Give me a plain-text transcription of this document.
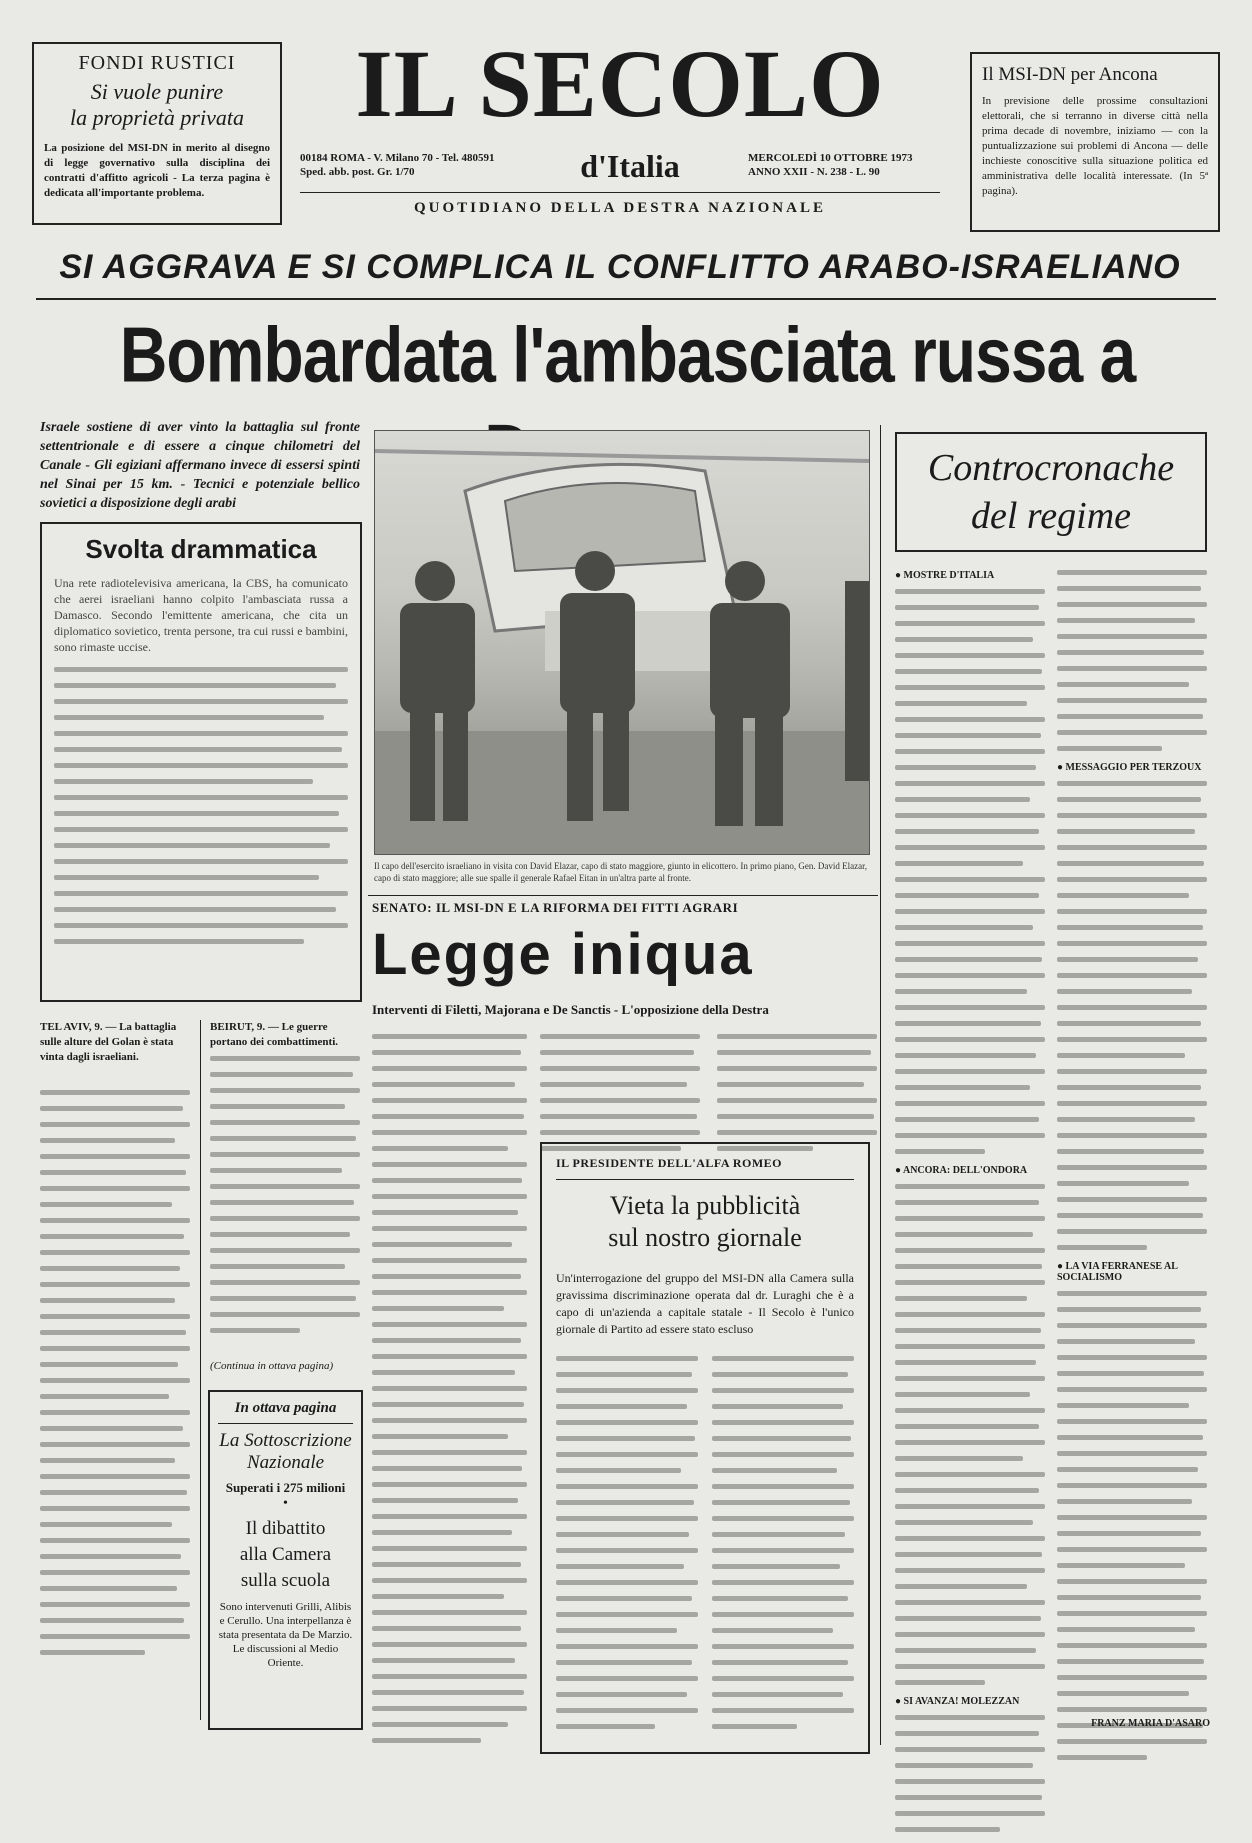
FONDI RUSTICI
Si vuole punire
la proprietà privata
La posizione del MSI-DN in merito al disegno di legge governativo sulla disciplina dei contratti d'affitto agricoli - La terza pagina è dedicata all'importante problema.
IL SECOLO
00184 ROMA - V. Milano 70 - Tel. 480591
Sped. abb. post. Gr. 1/70	d'Italia	MERCOLEDÌ 10 OTTOBRE 1973
ANNO XXII - N. 238 - L. 90
QUOTIDIANO DELLA DESTRA NAZIONALE
Il MSI-DN per Ancona
In previsione delle prossime consultazioni elettorali, che si terranno in diverse città nella prima decade di novembre, iniziamo — con la puntualizzazione sui problemi di Ancona — delle inchieste conoscitive sulla situazione politica ed amministrativa delle località interessate. (In 5ª pagina).
SI AGGRAVA E SI COMPLICA IL CONFLITTO ARABO-ISRAELIANO
Bombardata l'ambasciata russa a
Israele sostiene di aver vinto la battaglia sul fronte settentrionale e di essere a cinque chilometri del Canale - Gli egiziani affermano invece di essersi spinti nel Sinai per 15 km. - Tecnici e potenziale bellico sovietici a disposizione degli arabi
Svolta drammatica
Una rete radiotelevisiva americana, la CBS, ha comunicato che aerei israeliani hanno colpito l'ambasciata russa a Damasco. Secondo l'emittente americana, che cita un diplomatico sovietico, trenta persone, tra cui russi e bambini, sono rimaste uccise.
TEL AVIV, 9. — La battaglia sulle alture del Golan è stata vinta dagli israeliani.
BEIRUT, 9. — Le guerre portano dei combattimenti.
(Continua in ottava pagina)
In ottava pagina
La Sottoscrizione
Nazionale
Superati i 275 milioni
•
Il dibattito
alla Camera
sulla scuola
Sono intervenuti Grilli, Alibis e Cerullo. Una interpellanza è stata presentata da De Marzio. Le discussioni al Medio Oriente.
Il capo dell'esercito israeliano in visita con David Elazar, capo di stato maggiore, giunto in elicottero. In primo piano, Gen. David Elazar, capo di stato maggiore; alle sue spalle il generale Rafael Eitan in un'altra parte al fronte.
SENATO: IL MSI-DN E LA RIFORMA DEI FITTI AGRARI
Legge iniqua
Interventi di Filetti, Majorana e De Sanctis - L'opposizione della Destra
IL PRESIDENTE DELL'ALFA ROMEO
Vieta la pubblicità
sul nostro giornale
Un'interrogazione del gruppo del MSI-DN alla Camera sulla gravissima discriminazione operata dal dr. Luraghi che è a capo di un'azienda a capitale statale - Il Secolo è l'unico giornale di Partito ad essere stato escluso
Controcronache
del regime
● MOSTRE D'ITALIA
● ANCORA: DELL'ONDORA
● SI AVANZA! MOLEZZAN
● MESSAGGIO PER TERZOUX
● LA VIA FERRANESE AL SOCIALISMO
FRANZ MARIA D'ASARO
